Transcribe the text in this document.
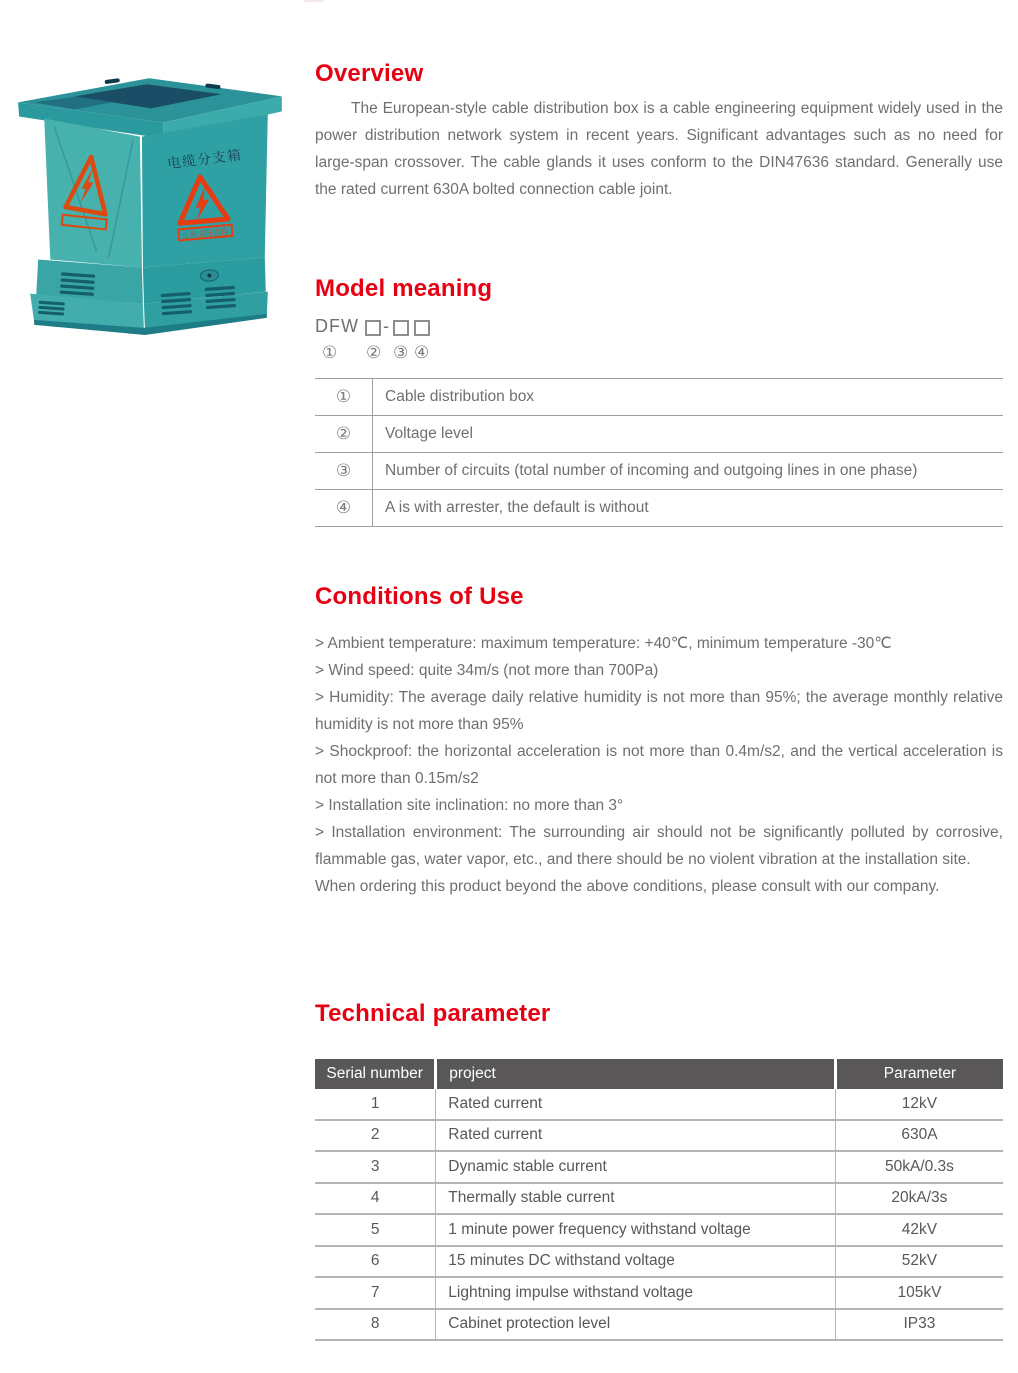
电缆分支箱
止步,高压危险
Overview

The European-style cable distribution box is a cable engineering equipment widely used in the power distribution network system in recent years. Significant advantages such as no need for large-span crossover. The cable glands it uses conform to the DIN47636 standard. Generally use the rated current 630A bolted connection cable joint.

Model meaning
DFW -
① ② ③ ④
①	Cable distribution box
②	Voltage level
③	Number of circuits (total number of incoming and outgoing lines in one phase)
④	A is with arrester, the default is without
Conditions of Use

> Ambient temperature: maximum temperature: +40℃, minimum temperature -30℃

> Wind speed: quite 34m/s (not more than 700Pa)

> Humidity: The average daily relative humidity is not more than 95%; the average monthly relative humidity is not more than 95%

> Shockproof: the horizontal acceleration is not more than 0.4m/s2, and the vertical acceleration is not more than 0.15m/s2

> Installation site inclination: no more than 3°

> Installation environment: The surrounding air should not be significantly polluted by corrosive, flammable gas, water vapor, etc., and there should be no violent vibration at the installation site.

When ordering this product beyond the above conditions, please consult with our company.

Technical parameter
Serial number	project	Parameter
1	Rated current	12kV
2	Rated current	630A
3	Dynamic stable current	50kA/0.3s
4	Thermally stable current	20kA/3s
5	1 minute power frequency withstand voltage	42kV
6	15 minutes DC withstand voltage	52kV
7	Lightning impulse withstand voltage	105kV
8	Cabinet protection level	IP33
